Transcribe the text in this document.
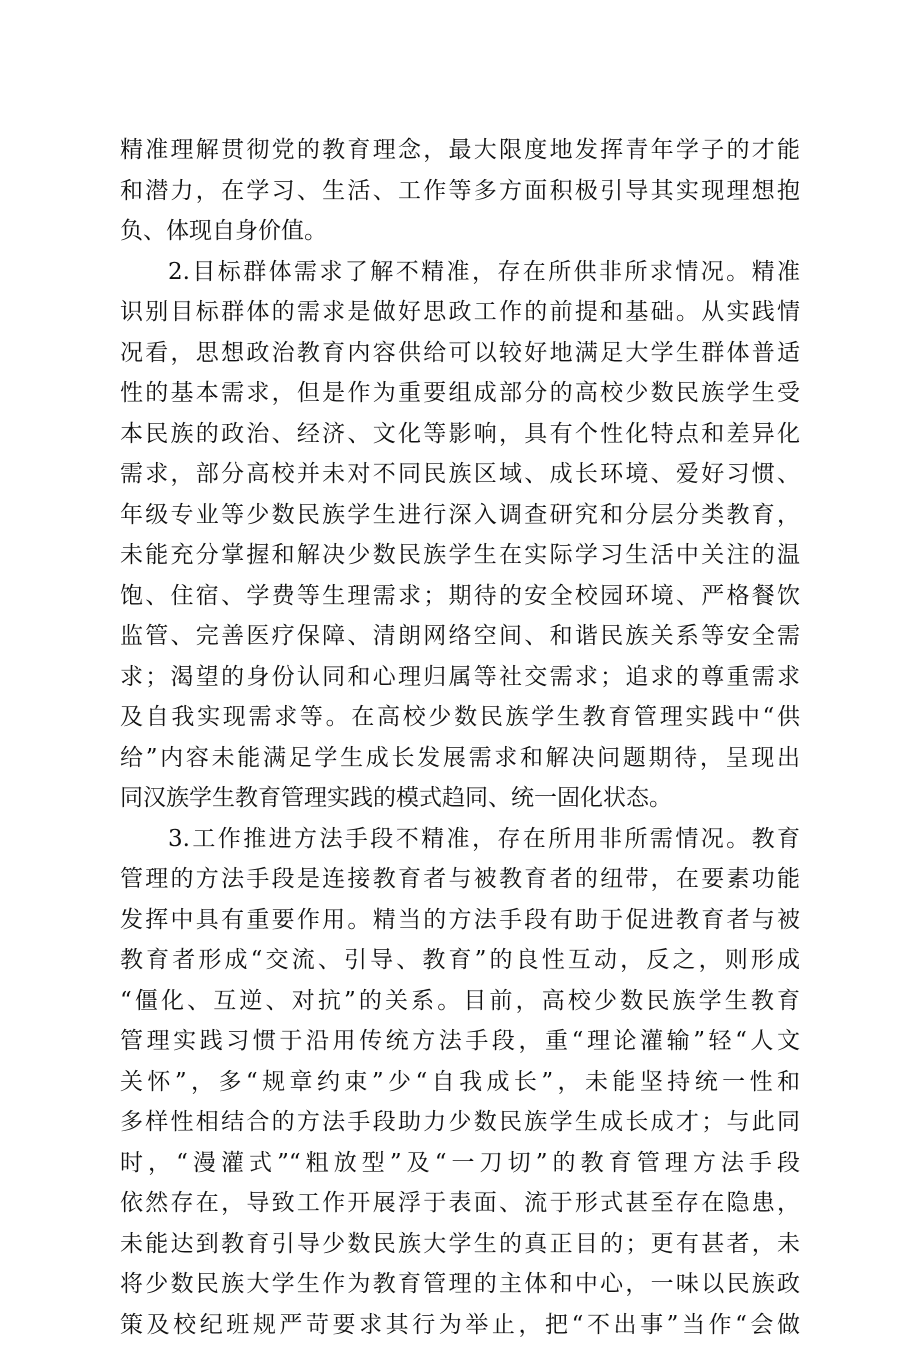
精准理解贯彻党的教育理念，最大限度地发挥青年学子的才能
和潜力，在学习、生活、工作等多方面积极引导其实现理想抱
负、体现自身价值。
2.目标群体需求了解不精准，存在所供非所求情况。精准
识别目标群体的需求是做好思政工作的前提和基础。从实践情
况看，思想政治教育内容供给可以较好地满足大学生群体普适
性的基本需求，但是作为重要组成部分的高校少数民族学生受
本民族的政治、经济、文化等影响，具有个性化特点和差异化
需求，部分高校并未对不同民族区域、成长环境、爱好习惯、
年级专业等少数民族学生进行深入调查研究和分层分类教育，
未能充分掌握和解决少数民族学生在实际学习生活中关注的温
饱、住宿、学费等生理需求；期待的安全校园环境、严格餐饮
监管、完善医疗保障、清朗网络空间、和谐民族关系等安全需
求；渴望的身份认同和心理归属等社交需求；追求的尊重需求
及自我实现需求等。在高校少数民族学生教育管理实践中“供
给”内容未能满足学生成长发展需求和解决问题期待，呈现出
同汉族学生教育管理实践的模式趋同、统一固化状态。
3.工作推进方法手段不精准，存在所用非所需情况。教育
管理的方法手段是连接教育者与被教育者的纽带，在要素功能
发挥中具有重要作用。精当的方法手段有助于促进教育者与被
教育者形成“交流、引导、教育”的良性互动，反之，则形成
“僵化、互逆、对抗”的关系。目前，高校少数民族学生教育
管理实践习惯于沿用传统方法手段，重“理论灌输”轻“人文
关怀”，多“规章约束”少“自我成长”，未能坚持统一性和
多样性相结合的方法手段助力少数民族学生成长成才；与此同
时，“漫灌式”“粗放型”及“一刀切”的教育管理方法手段
依然存在，导致工作开展浮于表面、流于形式甚至存在隐患，
未能达到教育引导少数民族大学生的真正目的；更有甚者，未
将少数民族大学生作为教育管理的主体和中心，一味以民族政
策及校纪班规严苛要求其行为举止，把“不出事”当作“会做
